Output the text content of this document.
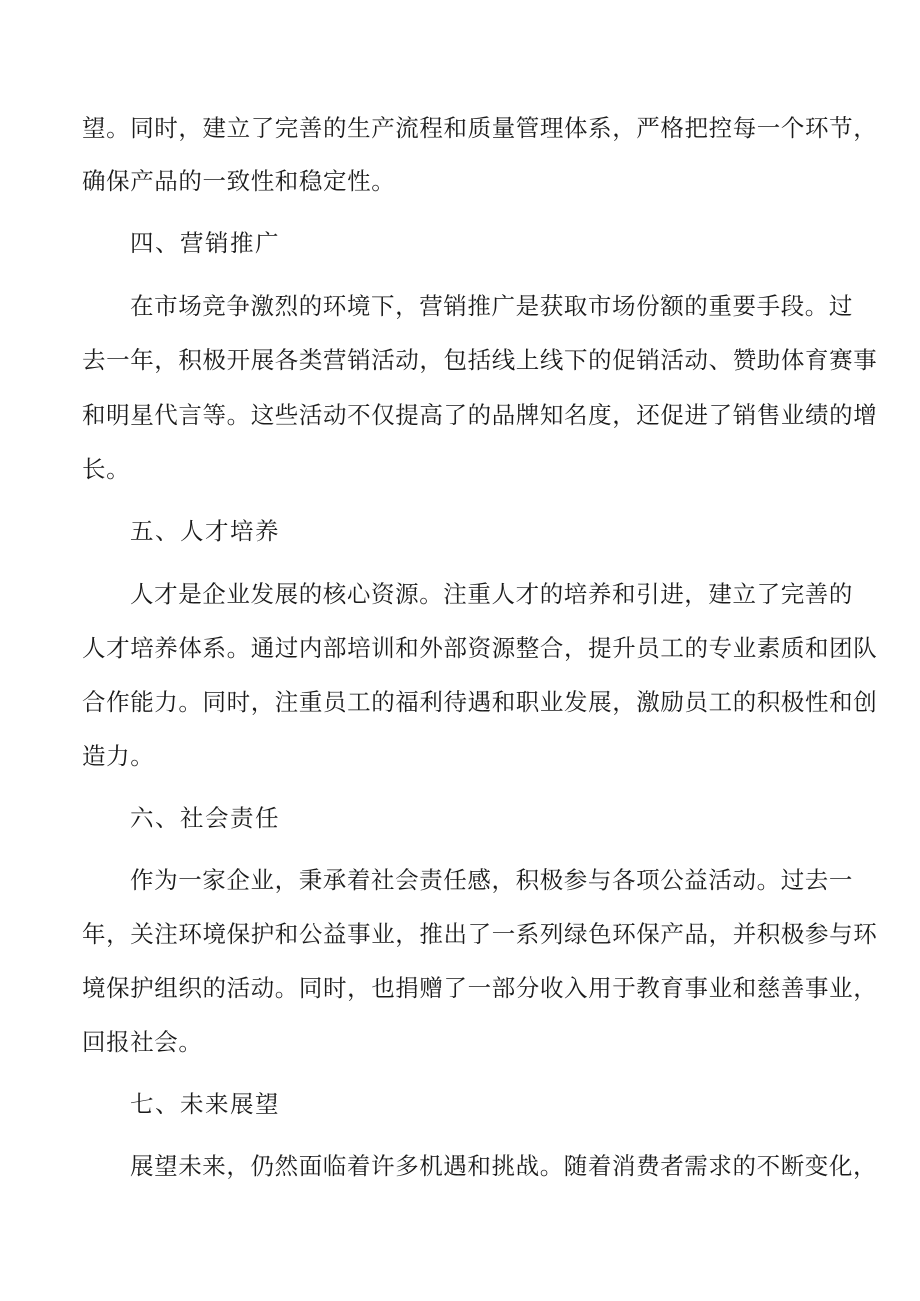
望。同时，建立了完善的生产流程和质量管理体系，严格把控每一个环节，
确保产品的一致性和稳定性。
四、营销推广
在市场竞争激烈的环境下，营销推广是获取市场份额的重要手段。过
去一年，积极开展各类营销活动，包括线上线下的促销活动、赞助体育赛事
和明星代言等。这些活动不仅提高了的品牌知名度，还促进了销售业绩的增
长。
五、人才培养
人才是企业发展的核心资源。注重人才的培养和引进，建立了完善的
人才培养体系。通过内部培训和外部资源整合，提升员工的专业素质和团队
合作能力。同时，注重员工的福利待遇和职业发展，激励员工的积极性和创
造力。
六、社会责任
作为一家企业，秉承着社会责任感，积极参与各项公益活动。过去一
年，关注环境保护和公益事业，推出了一系列绿色环保产品，并积极参与环
境保护组织的活动。同时，也捐赠了一部分收入用于教育事业和慈善事业，
回报社会。
七、未来展望
展望未来，仍然面临着许多机遇和挑战。随着消费者需求的不断变化，
